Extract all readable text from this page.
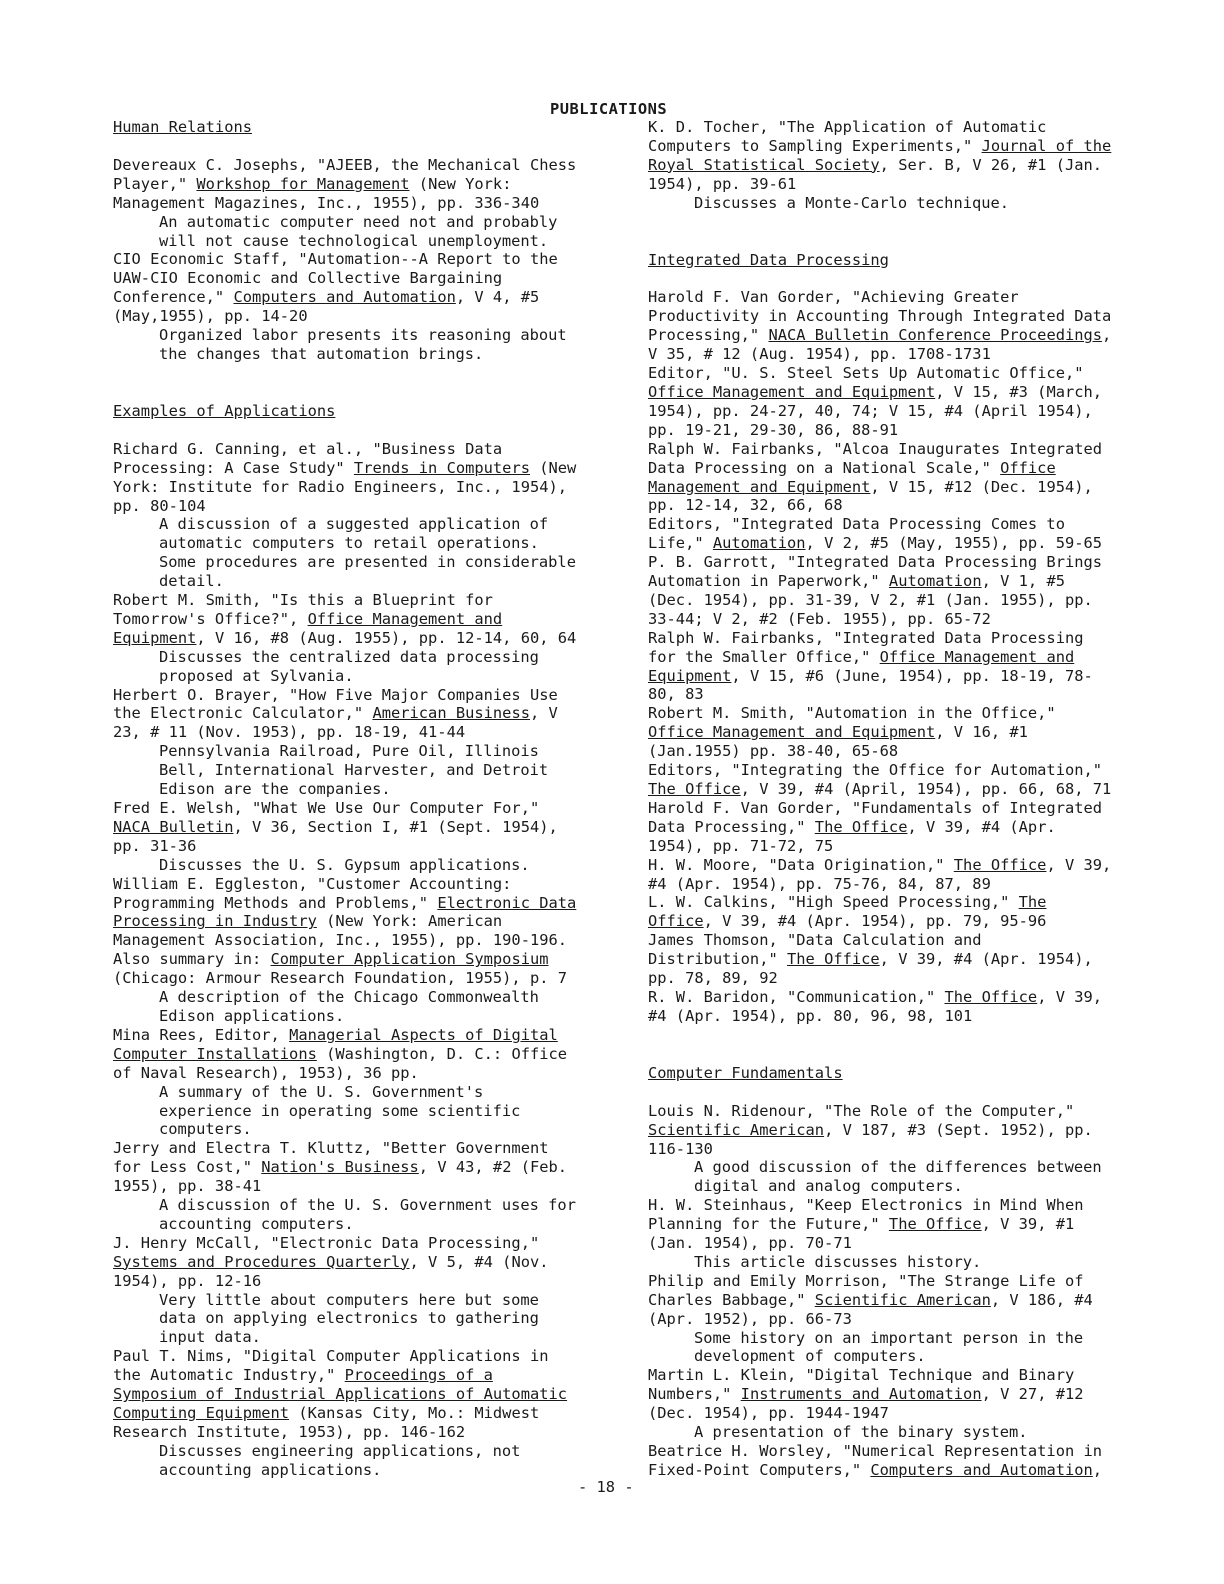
PUBLICATIONS
Human Relations
Devereaux C. Josephs, "AJEEB, the Mechanical Chess Player," Workshop for Management (New York: Management Magazines, Inc., 1955), pp. 336-340
An automatic computer need not and probably will not cause technological unemployment.
CIO Economic Staff, "Automation--A Report to the UAW-CIO Economic and Collective Bargaining Conference," Computers and Automation, V 4, #5 (May,1955), pp. 14-20
Organized labor presents its reasoning about the changes that automation brings.
Examples of Applications
Richard G. Canning, et al., "Business Data Processing: A Case Study" Trends in Computers (New York: Institute for Radio Engineers, Inc., 1954), pp. 80-104
A discussion of a suggested application of automatic computers to retail operations. Some procedures are presented in considerable detail.
Robert M. Smith, "Is this a Blueprint for Tomorrow's Office?", Office Management and Equipment, V 16, #8 (Aug. 1955), pp. 12-14, 60, 64
Discusses the centralized data processing proposed at Sylvania.
Herbert O. Brayer, "How Five Major Companies Use the Electronic Calculator," American Business, V 23, # 11 (Nov. 1953), pp. 18-19, 41-44
Pennsylvania Railroad, Pure Oil, Illinois Bell, International Harvester, and Detroit Edison are the companies.
Fred E. Welsh, "What We Use Our Computer For," NACA Bulletin, V 36, Section I, #1 (Sept. 1954), pp. 31-36
Discusses the U. S. Gypsum applications.
William E. Eggleston, "Customer Accounting: Programming Methods and Problems," Electronic Data Processing in Industry (New York: American Management Association, Inc., 1955), pp. 190-196. Also summary in: Computer Application Symposium (Chicago: Armour Research Foundation, 1955), p. 7
A description of the Chicago Commonwealth Edison applications.
Mina Rees, Editor, Managerial Aspects of Digital Computer Installations (Washington, D. C.: Office of Naval Research), 1953), 36 pp.
A summary of the U. S. Government's experience in operating some scientific computers.
Jerry and Electra T. Kluttz, "Better Government for Less Cost," Nation's Business, V 43, #2 (Feb. 1955), pp. 38-41
A discussion of the U. S. Government uses for accounting computers.
J. Henry McCall, "Electronic Data Processing," Systems and Procedures Quarterly, V 5, #4 (Nov. 1954), pp. 12-16
Very little about computers here but some data on applying electronics to gathering input data.
Paul T. Nims, "Digital Computer Applications in the Automatic Industry," Proceedings of a Symposium of Industrial Applications of Automatic Computing Equipment (Kansas City, Mo.: Midwest Research Institute, 1953), pp. 146-162
Discusses engineering applications, not accounting applications.
K. D. Tocher, "The Application of Automatic Computers to Sampling Experiments," Journal of the Royal Statistical Society, Ser. B, V 26, #1 (Jan. 1954), pp. 39-61
Discusses a Monte-Carlo technique.
Integrated Data Processing
Harold F. Van Gorder, "Achieving Greater Productivity in Accounting Through Integrated Data Processing," NACA Bulletin Conference Proceedings, V 35, # 12 (Aug. 1954), pp. 1708-1731
Editor, "U. S. Steel Sets Up Automatic Office," Office Management and Equipment, V 15, #3 (March, 1954), pp. 24-27, 40, 74; V 15, #4 (April 1954), pp. 19-21, 29-30, 86, 88-91
Ralph W. Fairbanks, "Alcoa Inaugurates Integrated Data Processing on a National Scale," Office Management and Equipment, V 15, #12 (Dec. 1954), pp. 12-14, 32, 66, 68
Editors, "Integrated Data Processing Comes to Life," Automation, V 2, #5 (May, 1955), pp. 59-65
P. B. Garrott, "Integrated Data Processing Brings Automation in Paperwork," Automation, V 1, #5 (Dec. 1954), pp. 31-39, V 2, #1 (Jan. 1955), pp. 33-44; V 2, #2 (Feb. 1955), pp. 65-72
Ralph W. Fairbanks, "Integrated Data Processing for the Smaller Office," Office Management and Equipment, V 15, #6 (June, 1954), pp. 18-19, 78-80, 83
Robert M. Smith, "Automation in the Office," Office Management and Equipment, V 16, #1 (Jan.1955) pp. 38-40, 65-68
Editors, "Integrating the Office for Automation," The Office, V 39, #4 (April, 1954), pp. 66, 68, 71
Harold F. Van Gorder, "Fundamentals of Integrated Data Processing," The Office, V 39, #4 (Apr. 1954), pp. 71-72, 75
H. W. Moore, "Data Origination," The Office, V 39, #4 (Apr. 1954), pp. 75-76, 84, 87, 89
L. W. Calkins, "High Speed Processing," The Office, V 39, #4 (Apr. 1954), pp. 79, 95-96
James Thomson, "Data Calculation and Distribution," The Office, V 39, #4 (Apr. 1954), pp. 78, 89, 92
R. W. Baridon, "Communication," The Office, V 39, #4 (Apr. 1954), pp. 80, 96, 98, 101
Computer Fundamentals
Louis N. Ridenour, "The Role of the Computer," Scientific American, V 187, #3 (Sept. 1952), pp. 116-130
A good discussion of the differences between digital and analog computers.
H. W. Steinhaus, "Keep Electronics in Mind When Planning for the Future," The Office, V 39, #1 (Jan. 1954), pp. 70-71
This article discusses history.
Philip and Emily Morrison, "The Strange Life of Charles Babbage," Scientific American, V 186, #4 (Apr. 1952), pp. 66-73
Some history on an important person in the development of computers.
Martin L. Klein, "Digital Technique and Binary Numbers," Instruments and Automation, V 27, #12 (Dec. 1954), pp. 1944-1947
A presentation of the binary system.
Beatrice H. Worsley, "Numerical Representation in Fixed-Point Computers," Computers and Automation,
- 18 -
